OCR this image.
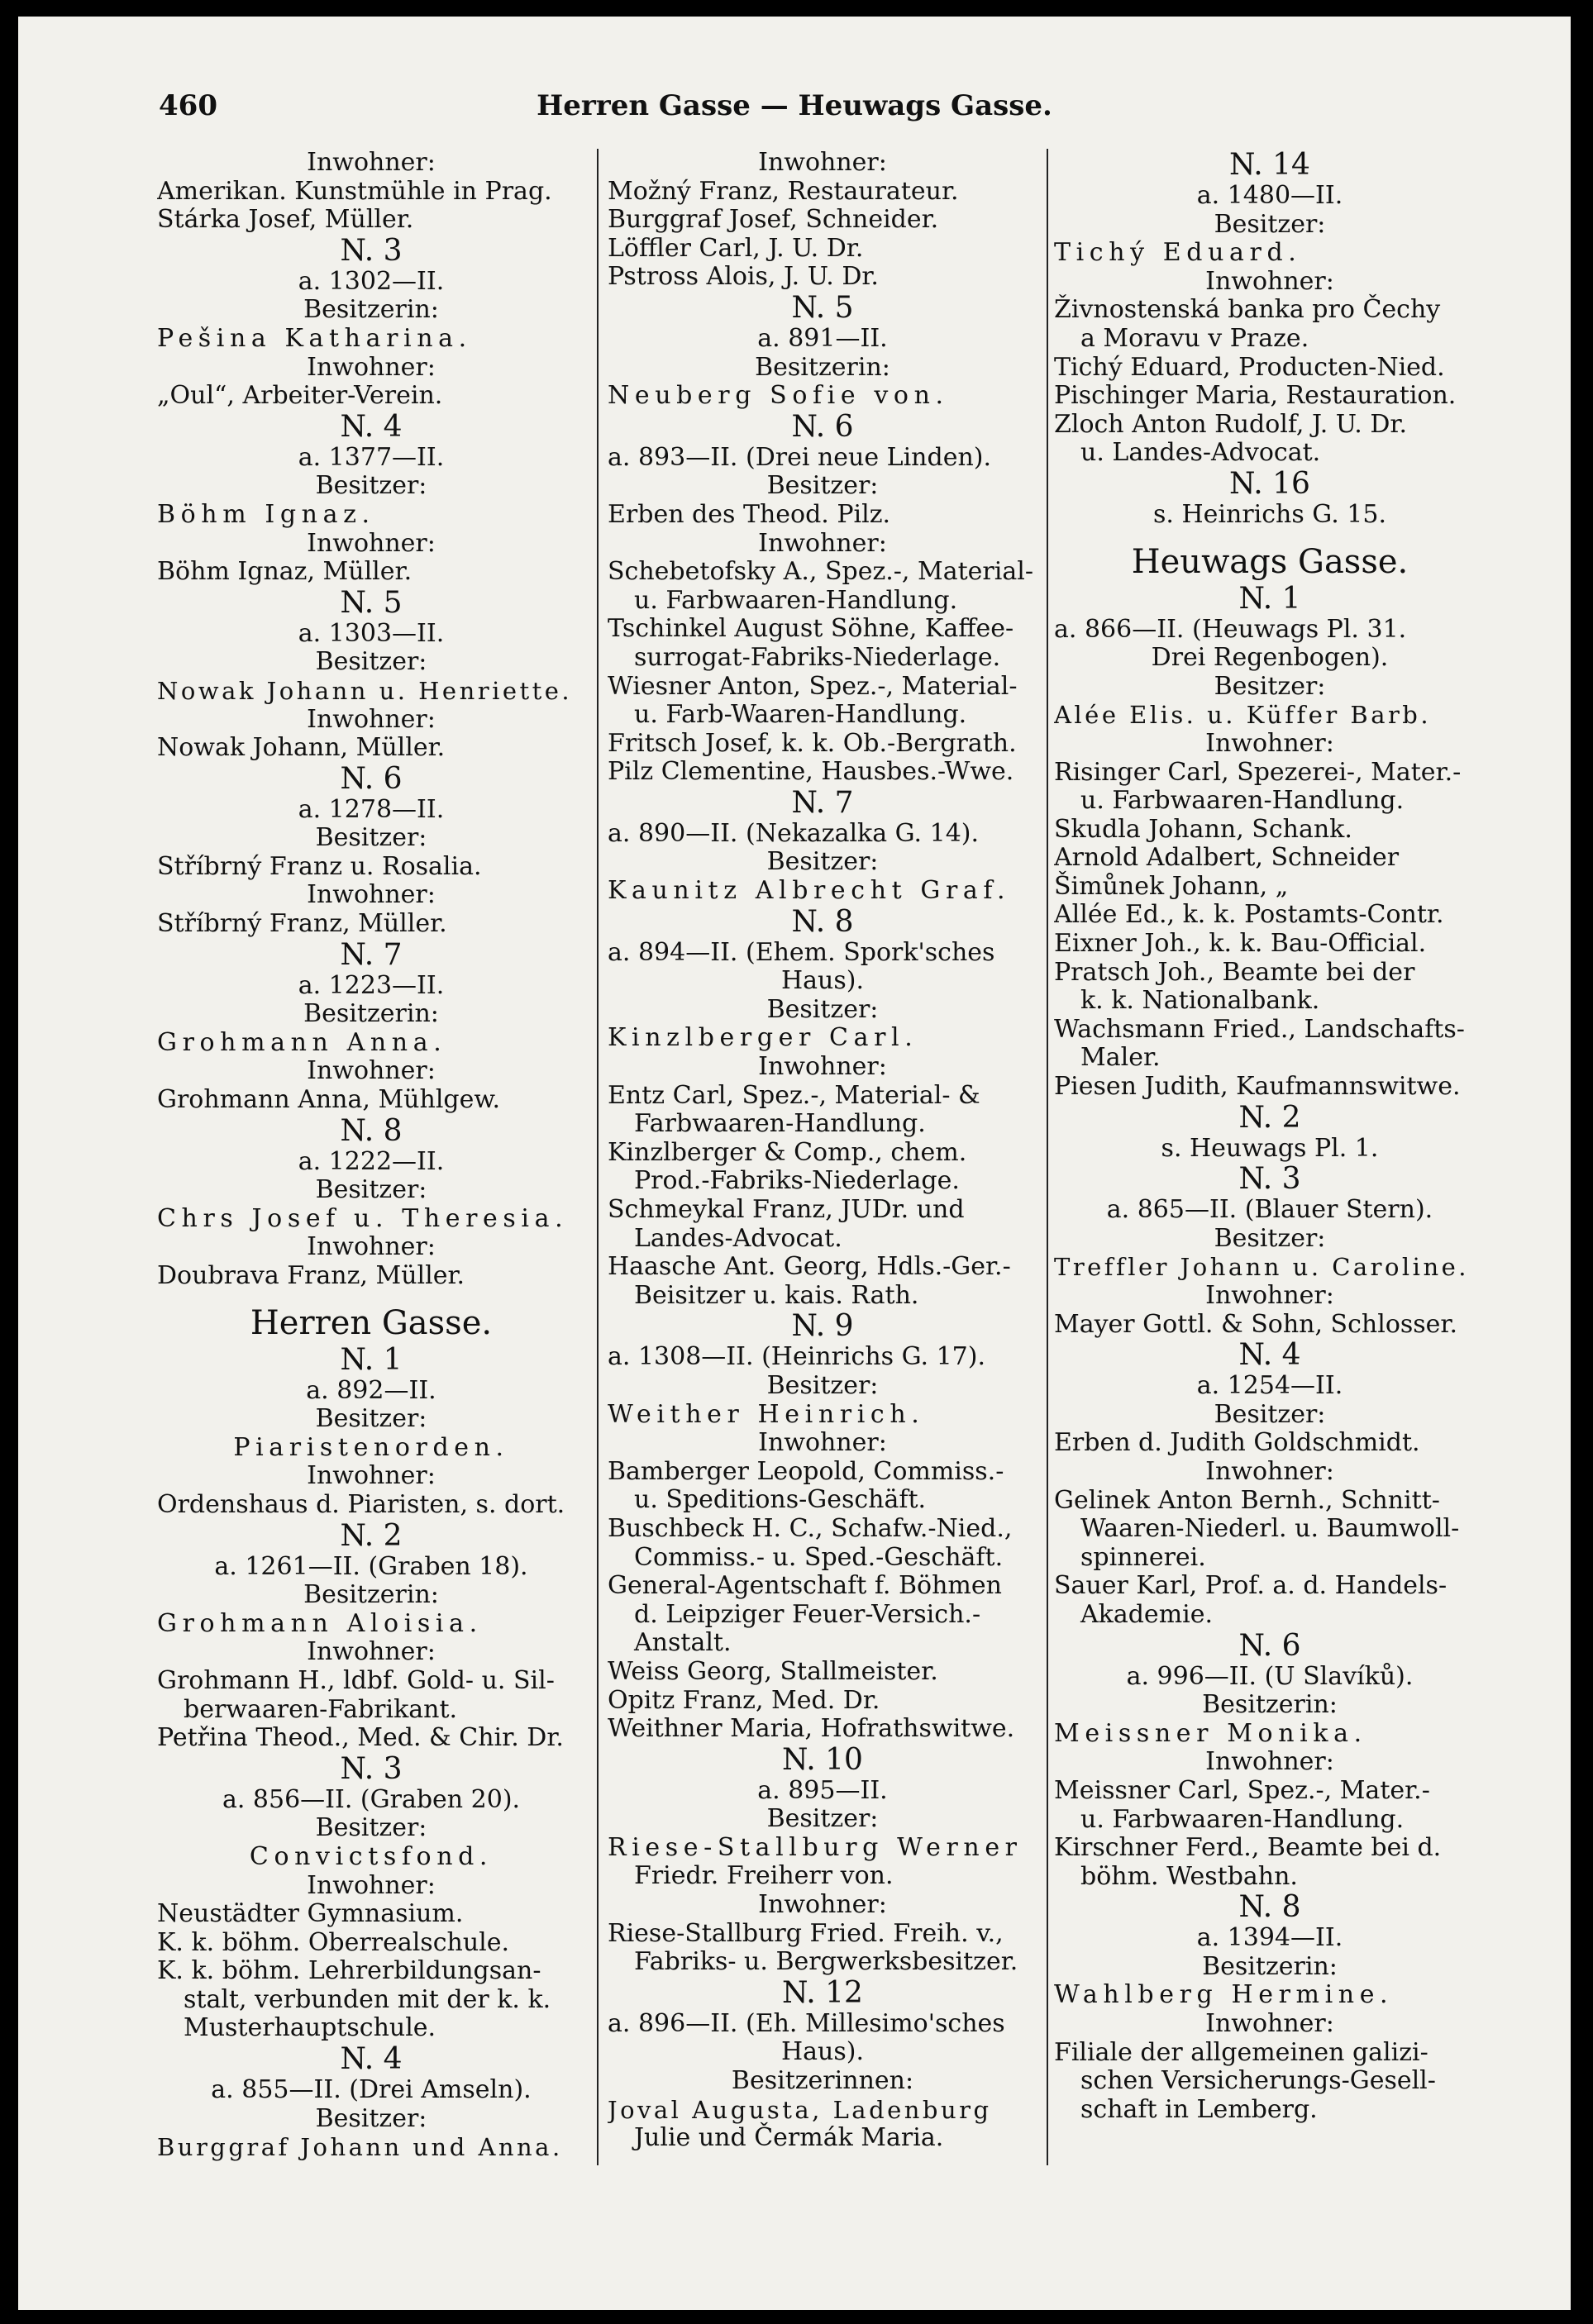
460	Herren Gasse — Heuwags Gasse.
Inwohner:
Amerikan. Kunstmühle in Prag.
Stárka Josef, Müller.
N. 3
a. 1302—II.
Besitzerin:
Pešina Katharina.
Inwohner:
„Oul“, Arbeiter-Verein.
N. 4
a. 1377—II.
Besitzer:
Böhm Ignaz.
Inwohner:
Böhm Ignaz, Müller.
N. 5
a. 1303—II.
Besitzer:
Nowak Johann u. Henriette.
Inwohner:
Nowak Johann, Müller.
N. 6
a. 1278—II.
Besitzer:
Stříbrný Franz u. Rosalia.
Inwohner:
Stříbrný Franz, Müller.
N. 7
a. 1223—II.
Besitzerin:
Grohmann Anna.
Inwohner:
Grohmann Anna, Mühlgew.
N. 8
a. 1222—II.
Besitzer:
Chrs Josef u. Theresia.
Inwohner:
Doubrava Franz, Müller.
Herren Gasse.
N. 1
a. 892—II.
Besitzer:
Piaristenorden.
Inwohner:
Ordenshaus d. Piaristen, s. dort.
N. 2
a. 1261—II. (Graben 18).
Besitzerin:
Grohmann Aloisia.
Inwohner:
Grohmann H., ldbf. Gold- u. Sil-
berwaaren-Fabrikant.
Petřina Theod., Med. & Chir. Dr.
N. 3
a. 856—II. (Graben 20).
Besitzer:
Convictsfond.
Inwohner:
Neustädter Gymnasium.
K. k. böhm. Oberrealschule.
K. k. böhm. Lehrerbildungsan-
stalt, verbunden mit der k. k.
Musterhauptschule.
N. 4
a. 855—II. (Drei Amseln).
Besitzer:
Burggraf Johann und Anna.
Inwohner:
Možný Franz, Restaurateur.
Burggraf Josef, Schneider.
Löffler Carl, J. U. Dr.
Pstross Alois, J. U. Dr.
N. 5
a. 891—II.
Besitzerin:
Neuberg Sofie von.
N. 6
a. 893—II. (Drei neue Linden).
Besitzer:
Erben des Theod. Pilz.
Inwohner:
Schebetofsky A., Spez.-, Material-
u. Farbwaaren-Handlung.
Tschinkel August Söhne, Kaffee-
surrogat-Fabriks-Niederlage.
Wiesner Anton, Spez.-, Material-
u. Farb-Waaren-Handlung.
Fritsch Josef, k. k. Ob.-Bergrath.
Pilz Clementine, Hausbes.-Wwe.
N. 7
a. 890—II. (Nekazalka G. 14).
Besitzer:
Kaunitz Albrecht Graf.
N. 8
a. 894—II. (Ehem. Spork'sches
Haus).
Besitzer:
Kinzlberger Carl.
Inwohner:
Entz Carl, Spez.-, Material- &
Farbwaaren-Handlung.
Kinzlberger & Comp., chem.
Prod.-Fabriks-Niederlage.
Schmeykal Franz, JUDr. und
Landes-Advocat.
Haasche Ant. Georg, Hdls.-Ger.-
Beisitzer u. kais. Rath.
N. 9
a. 1308—II. (Heinrichs G. 17).
Besitzer:
Weither Heinrich.
Inwohner:
Bamberger Leopold, Commiss.-
u. Speditions-Geschäft.
Buschbeck H. C., Schafw.-Nied.,
Commiss.- u. Sped.-Geschäft.
General-Agentschaft f. Böhmen
d. Leipziger Feuer-Versich.-
Anstalt.
Weiss Georg, Stallmeister.
Opitz Franz, Med. Dr.
Weithner Maria, Hofrathswitwe.
N. 10
a. 895—II.
Besitzer:
Riese-Stallburg Werner
Friedr. Freiherr von.
Inwohner:
Riese-Stallburg Fried. Freih. v.,
Fabriks- u. Bergwerksbesitzer.
N. 12
a. 896—II. (Eh. Millesimo'sches
Haus).
Besitzerinnen:
Joval Augusta, Ladenburg
Julie und Čermák Maria.
N. 14
a. 1480—II.
Besitzer:
Tichý Eduard.
Inwohner:
Živnostenská banka pro Čechy
a Moravu v Praze.
Tichý Eduard, Producten-Nied.
Pischinger Maria, Restauration.
Zloch Anton Rudolf, J. U. Dr.
u. Landes-Advocat.
N. 16
s. Heinrichs G. 15.
Heuwags Gasse.
N. 1
a. 866—II. (Heuwags Pl. 31.
Drei Regenbogen).
Besitzer:
Alée Elis. u. Küffer Barb.
Inwohner:
Risinger Carl, Spezerei-, Mater.-
u. Farbwaaren-Handlung.
Skudla Johann, Schank.
Arnold Adalbert, Schneider
Šimůnek Johann, „
Allée Ed., k. k. Postamts-Contr.
Eixner Joh., k. k. Bau-Official.
Pratsch Joh., Beamte bei der
k. k. Nationalbank.
Wachsmann Fried., Landschafts-
Maler.
Piesen Judith, Kaufmannswitwe.
N. 2
s. Heuwags Pl. 1.
N. 3
a. 865—II. (Blauer Stern).
Besitzer:
Treffler Johann u. Caroline.
Inwohner:
Mayer Gottl. & Sohn, Schlosser.
N. 4
a. 1254—II.
Besitzer:
Erben d. Judith Goldschmidt.
Inwohner:
Gelinek Anton Bernh., Schnitt-
Waaren-Niederl. u. Baumwoll-
spinnerei.
Sauer Karl, Prof. a. d. Handels-
Akademie.
N. 6
a. 996—II. (U Slavíků).
Besitzerin:
Meissner Monika.
Inwohner:
Meissner Carl, Spez.-, Mater.-
u. Farbwaaren-Handlung.
Kirschner Ferd., Beamte bei d.
böhm. Westbahn.
N. 8
a. 1394—II.
Besitzerin:
Wahlberg Hermine.
Inwohner:
Filiale der allgemeinen galizi-
schen Versicherungs-Gesell-
schaft in Lemberg.
